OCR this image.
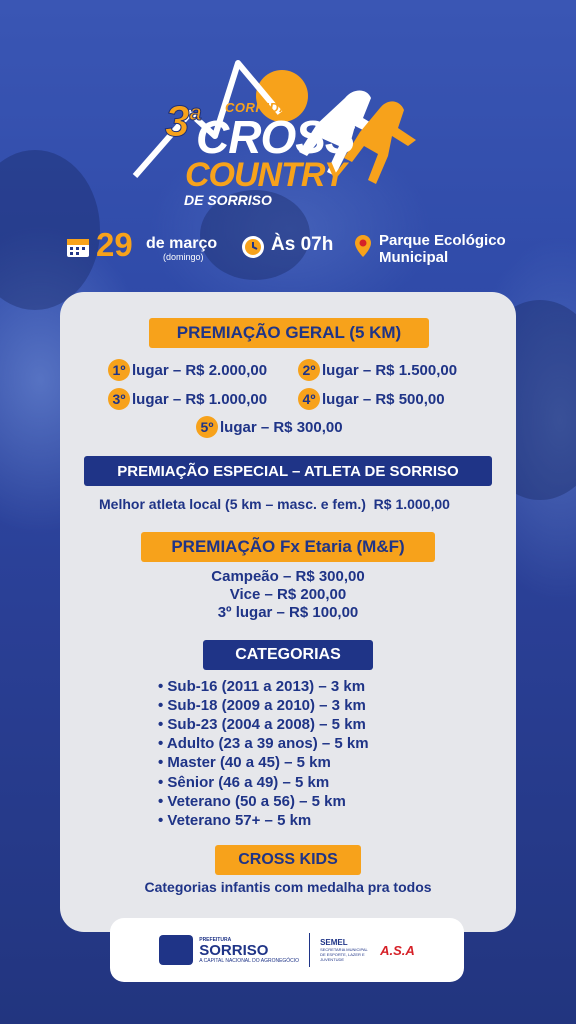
3$^a$ CORRIDA
CROSS
COUNTRY
DE SORRISO
29 de março
(domingo)
Às 07h	Parque Ecológico
Municipal
PREMIAÇÃO GERAL (5 KM)
1º lugar – R$ 2.000,00	2º lugar – R$ 1.500,00
3º lugar – R$ 1.000,00	4º lugar – R$ 500,00
5º lugar – R$ 300,00
PREMIAÇÃO ESPECIAL – ATLETA DE SORRISO
Melhor atleta local (5 km – masc. e fem.) R$ 1.000,00
PREMIAÇÃO Fx Etaria (M&F)
Campeão – R$ 300,00
Vice – R$ 200,00
3º lugar – R$ 100,00
CATEGORIAS
• Sub-16 (2011 a 2013) – 3 km
• Sub-18 (2009 a 2010) – 3 km
• Sub-23 (2004 a 2008) – 5 km
• Adulto (23 a 39 anos) – 5 km
• Master (40 a 45) – 5 km
• Sênior (46 a 49) – 5 km
• Veterano (50 a 56) – 5 km
• Veterano 57+ – 5 km
CROSS KIDS
Categorias infantis com medalha pra todos
PREFEITURA
SORRISO
A CAPITAL NACIONAL DO AGRONEGÓCIO
SEMEL
SECRETARIA MUNICIPAL DE ESPORTE, LAZER E JUVENTUDE
A.S.A
